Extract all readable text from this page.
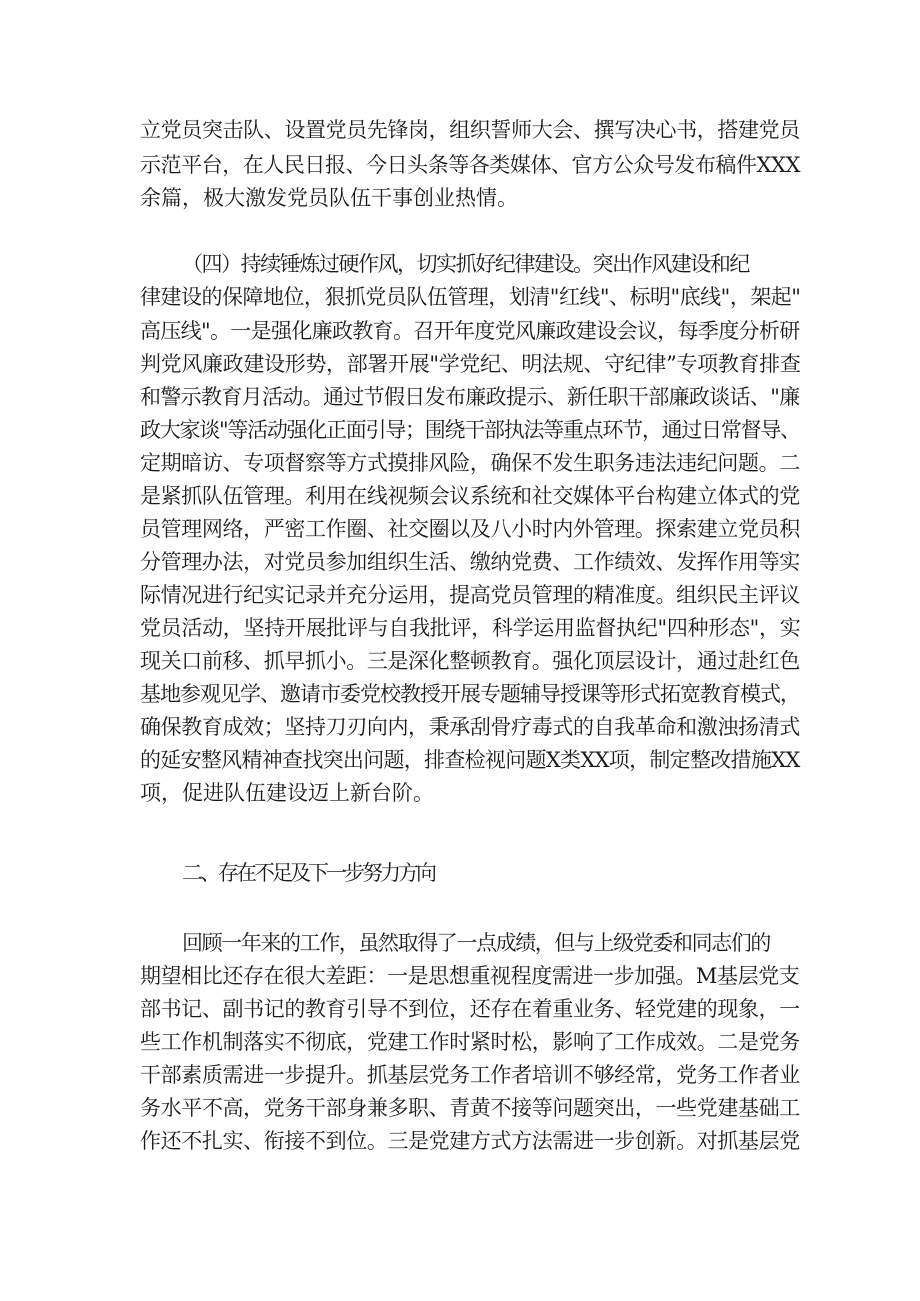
立党员突击队、设置党员先锋岗，组织誓师大会、撰写决心书，搭建党员
示范平台，在人民日报、今日头条等各类媒体、官方公众号发布稿件XXX
余篇，极大激发党员队伍干事创业热情。
（四）持续锤炼过硬作风，切实抓好纪律建设。突出作风建设和纪
律建设的保障地位，狠抓党员队伍管理，划清"红线"、标明"底线"，架起"
高压线"。一是强化廉政教育。召开年度党风廉政建设会议，每季度分析研
判党风廉政建设形势，部署开展"学党纪、明法规、守纪律”专项教育排查
和警示教育月活动。通过节假日发布廉政提示、新任职干部廉政谈话、"廉
政大家谈"等活动强化正面引导；围绕干部执法等重点环节，通过日常督导、
定期暗访、专项督察等方式摸排风险，确保不发生职务违法违纪问题。二
是紧抓队伍管理。利用在线视频会议系统和社交媒体平台构建立体式的党
员管理网络，严密工作圈、社交圈以及八小时内外管理。探索建立党员积
分管理办法，对党员参加组织生活、缴纳党费、工作绩效、发挥作用等实
际情况进行纪实记录并充分运用，提高党员管理的精准度。组织民主评议
党员活动，坚持开展批评与自我批评，科学运用监督执纪"四种形态"，实
现关口前移、抓早抓小。三是深化整顿教育。强化顶层设计，通过赴红色
基地参观见学、邀请市委党校教授开展专题辅导授课等形式拓宽教育模式，
确保教育成效；坚持刀刃向内，秉承刮骨疗毒式的自我革命和激浊扬清式
的延安整风精神查找突出问题，排查检视问题X类XX项，制定整改措施XX
项，促进队伍建设迈上新台阶。
二、存在不足及下一步努力方向
回顾一年来的工作，虽然取得了一点成绩，但与上级党委和同志们的
期望相比还存在很大差距：一是思想重视程度需进一步加强。M基层党支
部书记、副书记的教育引导不到位，还存在着重业务、轻党建的现象，一
些工作机制落实不彻底，党建工作时紧时松，影响了工作成效。二是党务
干部素质需进一步提升。抓基层党务工作者培训不够经常，党务工作者业
务水平不高，党务干部身兼多职、青黄不接等问题突出，一些党建基础工
作还不扎实、衔接不到位。三是党建方式方法需进一步创新。对抓基层党
